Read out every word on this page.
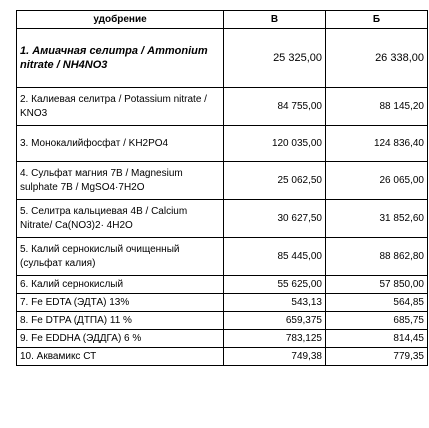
удобрение	В	Б
1. Амиачная селитра / Ammonium nitrate / NH4NO3	25 325,00	26 338,00
2. Калиевая селитра / Potassium nitrate / KNO3	84 755,00	88 145,20
3. Монокалийфосфат / KH2PO4	120 035,00	124 836,40
4. Сульфат магния 7В / Magnesium sulphate 7В / MgSO4·7H2O	25 062,50	26 065,00
5. Селитра кальциевая 4В / Calcium Nitrate/ Ca(NO3)2· 4H2O	30 627,50	31 852,60
5. Калий сернокислый очищенный (сульфат калия)	85 445,00	88 862,80
6. Калий сернокислый	55 625,00	57 850,00
7. Fe EDTA (ЭДТА) 13%	543,13	564,85
8. Fe DTPA (ДТПА) 11 %	659,375	685,75
9. Fe EDDHA (ЭДДГА) 6 %	783,125	814,45
10. Аквамикс СТ	749,38	779,35
